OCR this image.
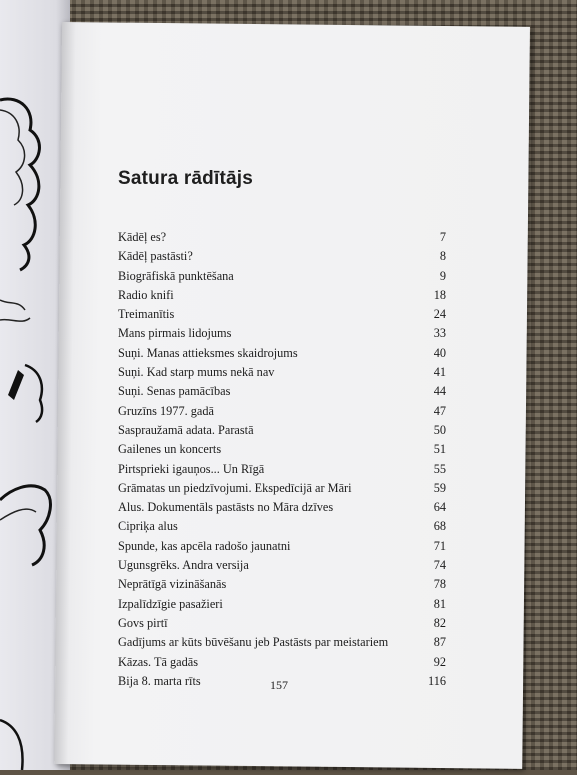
Satura rādītājs
Kādēļ es?	7
Kādēļ pastāsti?	8
Biogrāfiskā punktēšana	9
Radio knifi	18
Treimanītis	24
Mans pirmais lidojums	33
Suņi. Manas attieksmes skaidrojums	40
Suņi. Kad starp mums nekā nav	41
Suņi. Senas pamācības	44
Gruzīns 1977. gadā	47
Saspraužamā adata. Parastā	50
Gailenes un koncerts	51
Pirtsprieki igauņos... Un Rīgā	55
Grāmatas un piedzīvojumi. Ekspedīcijā ar Māri	59
Alus. Dokumentāls pastāsts no Māra dzīves	64
Cipriķa alus	68
Spunde, kas apcēla radošo jaunatni	71
Ugunsgrēks. Andra versija	74
Neprātīgā vizināšanās	78
Izpalīdzīgie pasažieri	81
Govs pirtī	82
Gadījums ar kūts būvēšanu jeb Pastāsts par meistariem	87
Kāzas. Tā gadās	92
Bija 8. marta rīts	116
157
